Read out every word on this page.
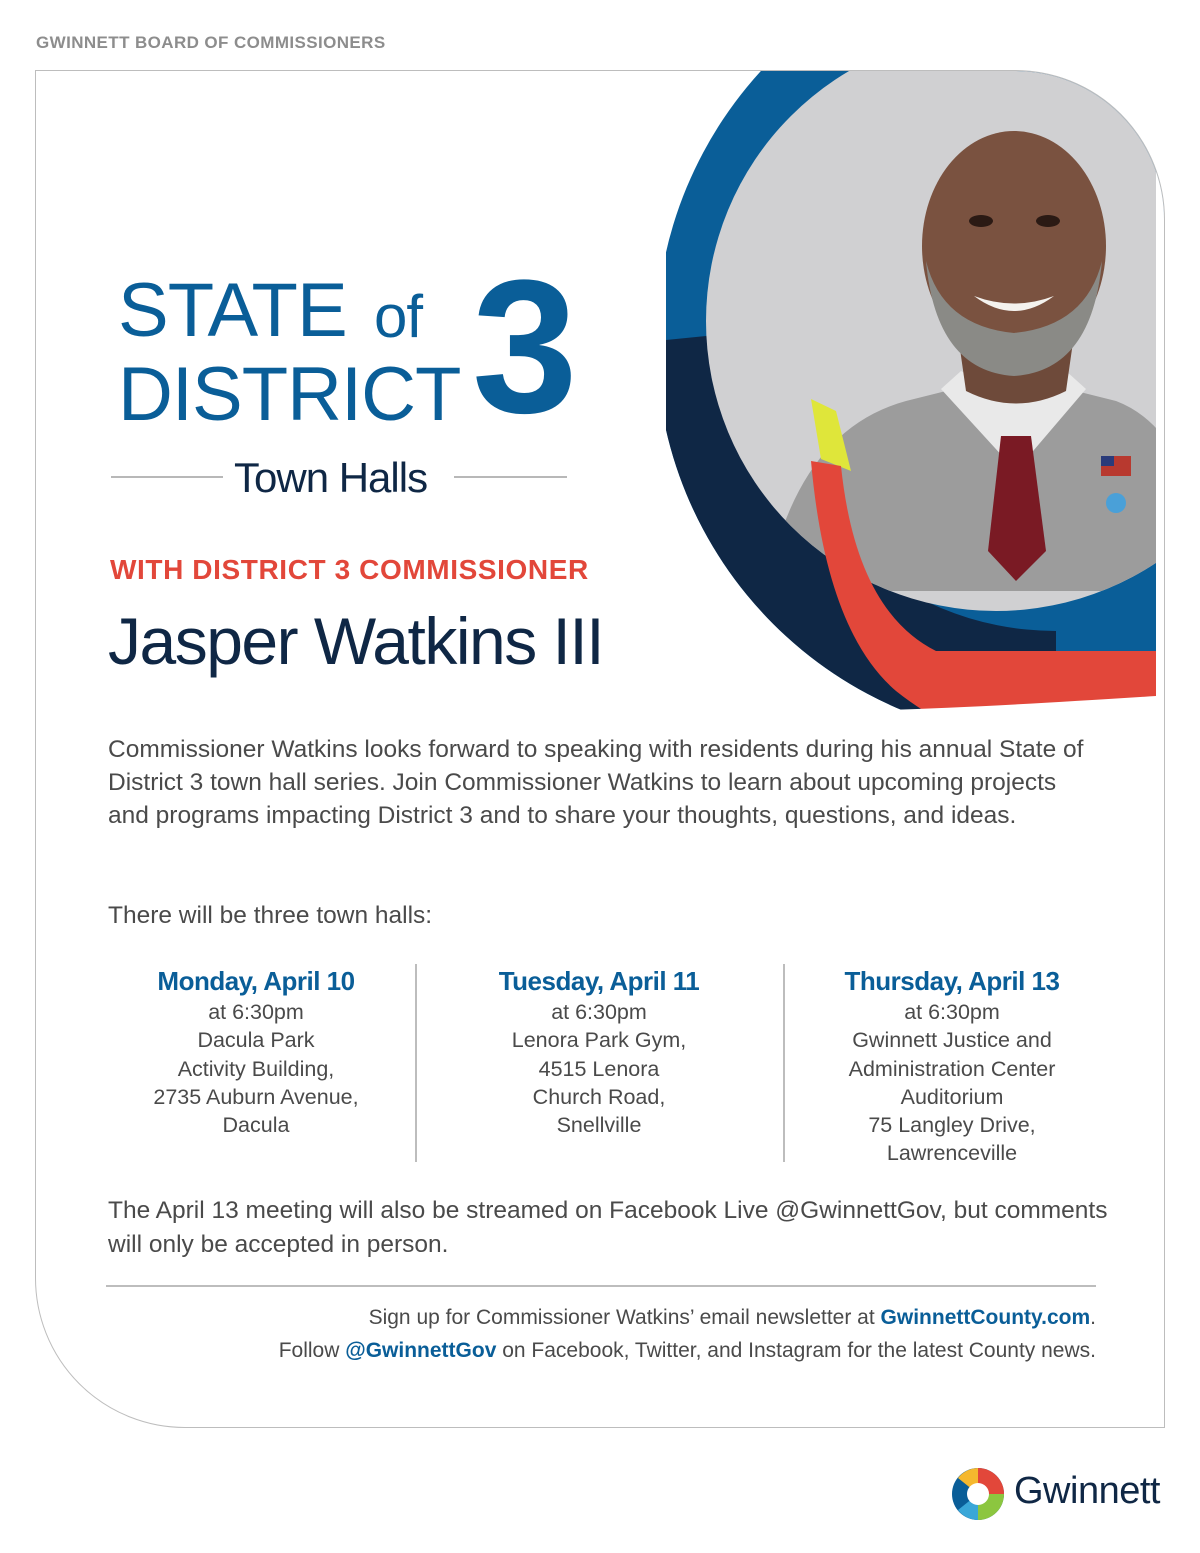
GWINNETT BOARD OF COMMISSIONERS
STATE of
DISTRICT 3
Town Halls
WITH DISTRICT 3 COMMISSIONER
Jasper Watkins III

Commissioner Watkins looks forward to speaking with residents during his annual State of District 3 town hall series. Join Commissioner Watkins to learn about upcoming projects and programs impacting District 3 and to share your thoughts, questions, and ideas.

There will be three town halls:

Monday, April 10
at 6:30pm
Dacula Park
Activity Building,
2735 Auburn Avenue,
Dacula
Tuesday, April 11
at 6:30pm
Lenora Park Gym,
4515 Lenora
Church Road,
Snellville
Thursday, April 13
at 6:30pm
Gwinnett Justice and
Administration Center
Auditorium
75 Langley Drive,
Lawrenceville

The April 13 meeting will also be streamed on Facebook Live @GwinnettGov, but comments will only be accepted in person.

Sign up for Commissioner Watkins’ email newsletter at GwinnettCounty.com.
Follow @GwinnettGov on Facebook, Twitter, and Instagram for the latest County news.
Gwinnett
